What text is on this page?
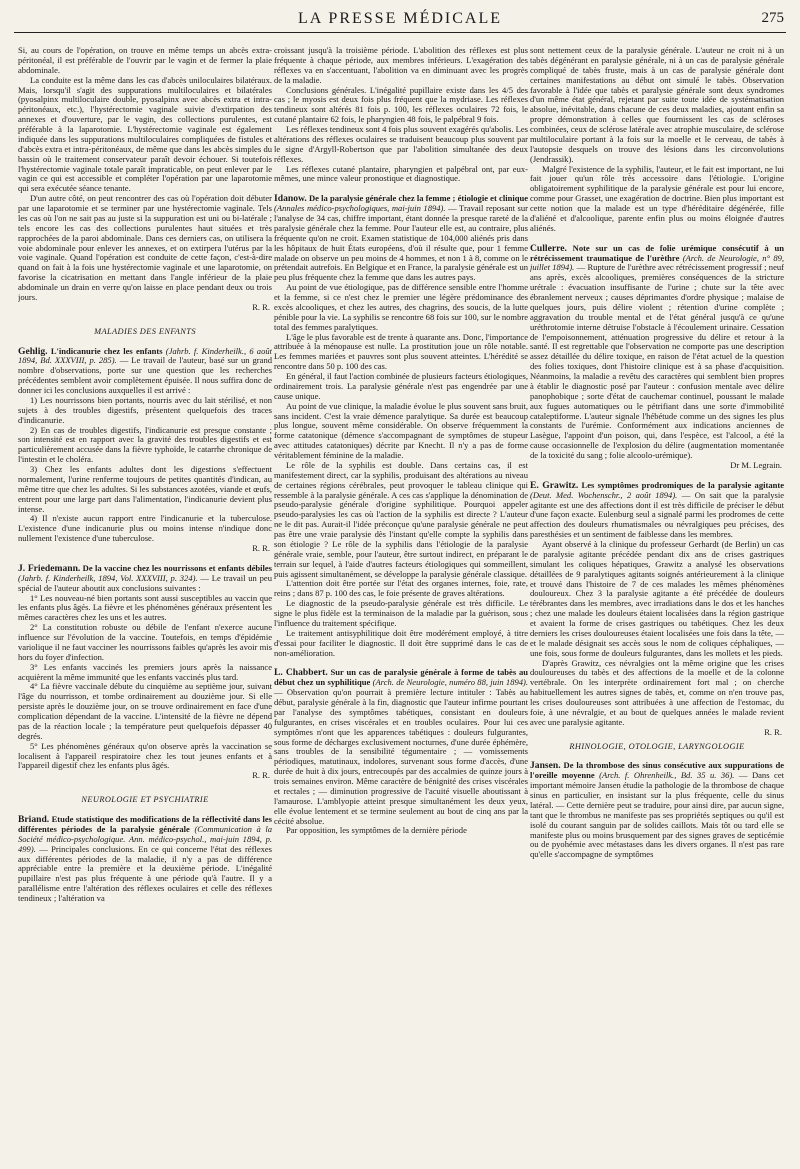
LA PRESSE MÉDICALE	275

Si, au cours de l'opération, on trouve en même temps un abcès extra-péritonéal, il est préférable de l'ouvrir par le vagin et de fermer la plaie abdominale.

La conduite est la même dans les cas d'abcès uniloculaires bilatéraux. Mais, lorsqu'il s'agit des suppurations multiloculaires et bilatérales (pyosalpinx multiloculaire double, pyosalpinx avec abcès extra et intra-péritonéaux, etc.), l'hystérectomie vaginale suivie d'extirpation des annexes et d'ouverture, par le vagin, des collections purulentes, est préférable à la laparotomie. L'hystérectomie vaginale est également indiquée dans les suppurations multiloculaires compliquées de fistules et d'abcès extra et intra-péritonéaux, de même que dans les abcès simples du bassin où le traitement conservateur paraît devoir échouer. Si toutefois l'hystérectomie vaginale totale paraît impraticable, on peut enlever par le vagin ce qui est accessible et compléter l'opération par une laparotomie qui sera exécutée séance tenante.

D'un autre côté, on peut rencontrer des cas où l'opération doit débuter par une laparotomie et se terminer par une hystérectomie vaginale. Tels les cas où l'on ne sait pas au juste si la suppuration est uni ou bi-latérale ; tels encore les cas des collections purulentes haut situées et très rapprochées de la paroi abdominale. Dans ces derniers cas, on utilisera la voie abdominale pour enlever les annexes, et on extirpera l'utérus par la voie vaginale. Quand l'opération est conduite de cette façon, c'est-à-dire quand on fait à la fois une hystérectomie vaginale et une laparotomie, on favorise la cicatrisation en mettant dans l'angle inférieur de la plaie abdominale un drain en verre qu'on laisse en place pendant deux ou trois jours.

R. R.
MALADIES DES ENFANTS

Gehlig. L'indicanurie chez les enfants (Jahrb. f. Kinderheilk., 6 août 1894, Bd. XXXVIII, p. 285). — Le travail de l'auteur, basé sur un grand nombre d'observations, porte sur une question que les recherches précédentes semblent avoir complètement épuisée. Il nous suffira donc de donner ici les conclusions auxquelles il est arrivé :

1) Les nourrissons bien portants, nourris avec du lait stérilisé, et non sujets à des troubles digestifs, présentent quelquefois des traces d'indicanurie.

2) En cas de troubles digestifs, l'indicanurie est presque constante ; son intensité est en rapport avec la gravité des troubles digestifs et est particulièrement accusée dans la fièvre typhoïde, le catarrhe chronique de l'intestin et le choléra.

3) Chez les enfants adultes dont les digestions s'effectuent normalement, l'urine renferme toujours de petites quantités d'indican, au même titre que chez les adultes. Si les substances azotées, viande et œufs, entrent pour une large part dans l'alimentation, l'indicanurie devient plus intense.

4) Il n'existe aucun rapport entre l'indicanurie et la tuberculose. L'existence d'une indicanurie plus ou moins intense n'indique donc nullement l'existence d'une tuberculose.

R. R.

J. Friedemann. De la vaccine chez les nourrissons et enfants débiles (Jahrb. f. Kinderheilk, 1894, Vol. XXXVIII, p. 324). — Le travail un peu spécial de l'auteur aboutit aux conclusions suivantes :

1° Les nouveau-né bien portants sont aussi susceptibles au vaccin que les enfants plus âgés. La fièvre et les phénomènes généraux présentent les mêmes caractères chez les uns et les autres.

2° La constitution robuste ou débile de l'enfant n'exerce aucune influence sur l'évolution de la vaccine. Toutefois, en temps d'épidémie variolique il ne faut vacciner les nourrissons faibles qu'après les avoir mis hors du foyer d'infection.

3° Les enfants vaccinés les premiers jours après la naissance acquièrent la même immunité que les enfants vaccinés plus tard.

4° La fièvre vaccinale débute du cinquième au septième jour, suivant l'âge du nourrisson, et tombe ordinairement au douzième jour. Si elle persiste après le douzième jour, on se trouve ordinairement en face d'une complication dépendant de la vaccine. L'intensité de la fièvre ne dépend pas de la réaction locale ; la température peut quelquefois dépasser 40 degrés.

5° Les phénomènes généraux qu'on observe après la vaccination se localisent à l'appareil respiratoire chez les tout jeunes enfants et à l'appareil digestif chez les enfants plus âgés.

R. R.
NEUROLOGIE ET PSYCHIATRIE

Briand. Etude statistique des modifications de la réflectivité dans les différentes périodes de la paralysie générale (Communication à la Société médico-psychologique. Ann. médico-psychol., mai-juin 1894, p. 499). — Principales conclusions. En ce qui concerne l'état des réflexes aux différentes périodes de la maladie, il n'y a pas de différence appréciable entre la première et la deuxième période. L'inégalité pupillaire n'est pas plus fréquente à une période qu'à l'autre. Il y a parallélisme entre l'altération des réflexes oculaires et celle des réflexes tendineux ; l'altération va

croissant jusqu'à la troisième période. L'abolition des réflexes est plus fréquente à chaque période, aux membres inférieurs. L'exagération des réflexes va en s'accentuant, l'abolition va en diminuant avec les progrès de la maladie.

Conclusions générales. L'inégalité pupillaire existe dans les 4/5 des cas ; le myosis est deux fois plus fréquent que la mydriase. Les réflexes tendineux sont altérés 81 fois p. 100, les réflexes oculaires 72 fois, le cutané plantaire 62 fois, le pharyngien 48 fois, le palpébral 9 fois.

Les réflexes tendineux sont 4 fois plus souvent exagérés qu'abolis. Les altérations des réflexes oculaires se traduisent beaucoup plus souvent par le signe d'Argyll-Robertson que par l'abolition simultanée des deux réflexes.

Les réflexes cutané plantaire, pharyngien et palpébral ont, par eux-mêmes, une mince valeur pronostique et diagnostique.

Idanow. De la paralysie générale chez la femme ; étiologie et clinique (Annales médico-psychologiques, mai-juin 1894). — Travail reposant sur l'analyse de 34 cas, chiffre important, étant donnée la presque rareté de la paralysie générale chez la femme. Pour l'auteur elle est, au contraire, plus fréquente qu'on ne croit. Examen statistique de 104,000 aliénés pris dans les hôpitaux de huit États européens, d'où il résulte que, pour 1 femme malade on observe un peu moins de 4 hommes, et non 1 à 8, comme on le prétendait autrefois. En Belgique et en France, la paralysie générale est un peu plus fréquente chez la femme que dans les autres pays.

Au point de vue étiologique, pas de différence sensible entre l'homme et la femme, si ce n'est chez le premier une légère prédominance des excès alcooliques, et chez les autres, des chagrins, des soucis, de la lutte pénible pour la vie. La syphilis se rencontre 68 fois sur 100, sur le nombre total des femmes paralytiques.

L'âge le plus favorable est de trente à quarante ans. Donc, l'importance attribuée à la ménopause est nulle. La prostitution joue un rôle notable. Les femmes mariées et pauvres sont plus souvent atteintes. L'hérédité se rencontre dans 50 p. 100 des cas.

En général, il faut l'action combinée de plusieurs facteurs étiologiques, ordinairement trois. La paralysie générale n'est pas engendrée par une cause unique.

Au point de vue clinique, la maladie évolue le plus souvent sans bruit, sans incident. C'est la vraie démence paralytique. Sa durée est beaucoup plus longue, souvent même considérable. On observe fréquemment la forme catatonique (démence s'accompagnant de symptômes de stupeur avec attitudes catatoniques) décrite par Knecht. Il n'y a pas de forme véritablement féminine de la maladie.

Le rôle de la syphilis est double. Dans certains cas, il est manifestement direct, car la syphilis, produisant des altérations au niveau de certaines régions cérébrales, peut provoquer le tableau clinique qui ressemble à la paralysie générale. A ces cas s'applique la dénomination de pseudo-paralysie générale d'origine syphilitique. Pourquoi appeler pseudo-paralysies les cas où l'action de la syphilis est directe ? L'auteur ne le dit pas. Aurait-il l'idée préconçue qu'une paralysie générale ne peut pas être une vraie paralysie dès l'instant qu'elle compte la syphilis dans son étiologie ? Le rôle de la syphilis dans l'étiologie de la paralysie générale vraie, semble, pour l'auteur, être surtout indirect, en préparant le terrain sur lequel, à l'aide d'autres facteurs étiologiques qui sommeillent, puis agissent simultanément, se développe la paralysie générale classique.

L'attention doit être portée sur l'état des organes internes, foie, rate, reins ; dans 87 p. 100 des cas, le foie présente de graves altérations.

Le diagnostic de la pseudo-paralysie générale est très difficile. Le signe le plus fidèle est la terminaison de la maladie par la guérison, sous l'influence du traitement spécifique.

Le traitement antisyphilitique doit être modérément employé, à titre d'essai pour faciliter le diagnostic. Il doit être supprimé dans le cas de non-amélioration.

L. Chabbert. Sur un cas de paralysie générale à forme de tabès au début chez un syphilitique (Arch. de Neurologie, numéro 88, juin 1894). — Observation qu'on pourrait à première lecture intituler : Tabès au début, paralysie générale à la fin, diagnostic que l'auteur infirme pourtant par l'analyse des symptômes tabétiques, consistant en douleurs fulgurantes, en crises viscérales et en troubles oculaires. Pour lui ces symptômes n'ont que les apparences tabétiques : douleurs fulgurantes, sous forme de décharges exclusivement nocturnes, d'une durée éphémère, sans troubles de la sensibilité tégumentaire ; — vomissements périodiques, matutinaux, indolores, survenant sous forme d'accès, d'une durée de huit à dix jours, entrecoupés par des accalmies de quinze jours à trois semaines environ. Même caractère de bénignité des crises viscérales et rectales ; — diminution progressive de l'acuité visuelle aboutissant à l'amaurose. L'amblyopie atteint presque simultanément les deux yeux, elle évolue lentement et se termine seulement au bout de cinq ans par la cécité absolue.

Par opposition, les symptômes de la dernière période

sont nettement ceux de la paralysie générale. L'auteur ne croit ni à un tabès dégénérant en paralysie générale, ni à un cas de paralysie générale compliqué de tabès fruste, mais à un cas de paralysie générale dont certaines manifestations au début ont simulé le tabès. Observation favorable à l'idée que tabès et paralysie générale sont deux syndromes d'un même état général, rejetant par suite toute idée de systématisation absolue, inévitable, dans chacune de ces deux maladies, ajoutant enfin sa propre démonstration à celles que fournissent les cas de scléroses combinées, ceux de sclérose latérale avec atrophie musculaire, de sclérose multiloculaire portant à la fois sur la moelle et le cerveau, de tabès à l'autopsie desquels on trouve des lésions dans les circonvolutions (Jendrassik).

Malgré l'existence de la syphilis, l'auteur, et le fait est important, ne lui fait jouer qu'un rôle très accessoire dans l'étiologie. L'origine obligatoirement syphilitique de la paralysie générale est pour lui encore, comme pour Grasset, une exagération de doctrine. Bien plus important est cette notion que la malade est un type d'héréditaire dégénérée, fille d'aliéné et d'alcoolique, parente enfin plus ou moins éloignée d'autres aliénés.

Cullerre. Note sur un cas de folie urémique consécutif à un rétrécissement traumatique de l'urèthre (Arch. de Neurologie, n° 89, juillet 1894). — Rupture de l'urèthre avec rétrécissement progressif ; neuf ans après, excès alcooliques, premières conséquences de la stricture urétrale : évacuation insuffisante de l'urine ; chute sur la tête avec ébranlement nerveux ; causes déprimantes d'ordre physique ; malaise de quelques jours, puis délire violent ; rétention d'urine complète ; aggravation du trouble mental et de l'état général jusqu'à ce qu'une uréthrotomie interne détruise l'obstacle à l'écoulement urinaire. Cessation de l'empoisonnement, atténuation progressive du délire et retour à la santé. Il est regrettable que l'observation ne comporte pas une description assez détaillée du délire toxique, en raison de l'état actuel de la question des folies toxiques, dont l'histoire clinique est à sa phase d'acquisition. Néanmoins, la maladie a revêtu des caractères qui semblent bien propres à établir le diagnostic posé par l'auteur : confusion mentale avec délire panophobique ; sorte d'état de cauchemar continuel, poussant le malade aux fugues automatiques ou le pétrifiant dans une sorte d'immobilité cataleptiforme. L'auteur signale l'hébétude comme un des signes les plus constants de l'urémie. Conformément aux indications anciennes de Lasègue, l'appoint d'un poison, qui, dans l'espèce, est l'alcool, a été la cause occasionnelle de l'explosion du délire (augmentation momentanée de la toxicité du sang ; folie alcoolo-urémique).

Dr M. Legrain.

E. Grawitz. Les symptômes prodromiques de la paralysie agitante (Deut. Med. Wochenschr., 2 août 1894). — On sait que la paralysie agitante est une des affections dont il est très difficile de préciser le début d'une façon exacte. Eulenburg seul a signalé parmi les prodromes de cette affection des douleurs rhumatismales ou névralgiques peu précises, des paresthésies et un sentiment de faiblesse dans les membres.

Ayant observé à la clinique du professeur Gerhardt (de Berlin) un cas de paralysie agitante précédée pendant dix ans de crises gastriques simulant les coliques hépatiques, Grawitz a analysé les observations détaillées de 9 paralytiques agitants soignés antérieurement à la clinique et trouvé dans l'histoire de 7 de ces malades les mêmes phénomènes douloureux. Chez 3 la paralysie agitante a été précédée de douleurs térébrantes dans les membres, avec irradiations dans le dos et les hanches ; chez une malade les douleurs étaient localisées dans la région gastrique et avaient la forme de crises gastriques ou tabétiques. Chez les deux derniers les crises douloureuses étaient localisées une fois dans la tête, — et le malade désignait ses accès sous le nom de coliques céphaliques, — une fois, sous forme de douleurs fulgurantes, dans les mollets et les pieds.

D'après Grawitz, ces névralgies ont la même origine que les crises douloureuses du tabès et des affections de la moelle et de la colonne vertébrale. On les interprète ordinairement fort mal ; on cherche habituellement les autres signes de tabès, et, comme on n'en trouve pas, les crises douloureuses sont attribuées à une affection de l'estomac, du foie, à une névralgie, et au bout de quelques années le malade revient avec une paralysie agitante.

R. R.
RHINOLOGIE, OTOLOGIE, LARYNGOLOGIE

Jansen. De la thrombose des sinus consécutive aux suppurations de l'oreille moyenne (Arch. f. Ohrenheilk., Bd. 35 u. 36). — Dans cet important mémoire Jansen étudie la pathologie de la thrombose de chaque sinus en particulier, en insistant sur la plus fréquente, celle du sinus latéral. — Cette dernière peut se traduire, pour ainsi dire, par aucun signe, tant que le thrombus ne manifeste pas ses propriétés septiques ou qu'il est isolé du courant sanguin par de solides caillots. Mais tôt ou tard elle se manifeste plus ou moins brusquement par des signes graves de septicémie ou de pyohémie avec métastases dans les divers organes. Il n'est pas rare qu'elle s'accompagne de symptômes
